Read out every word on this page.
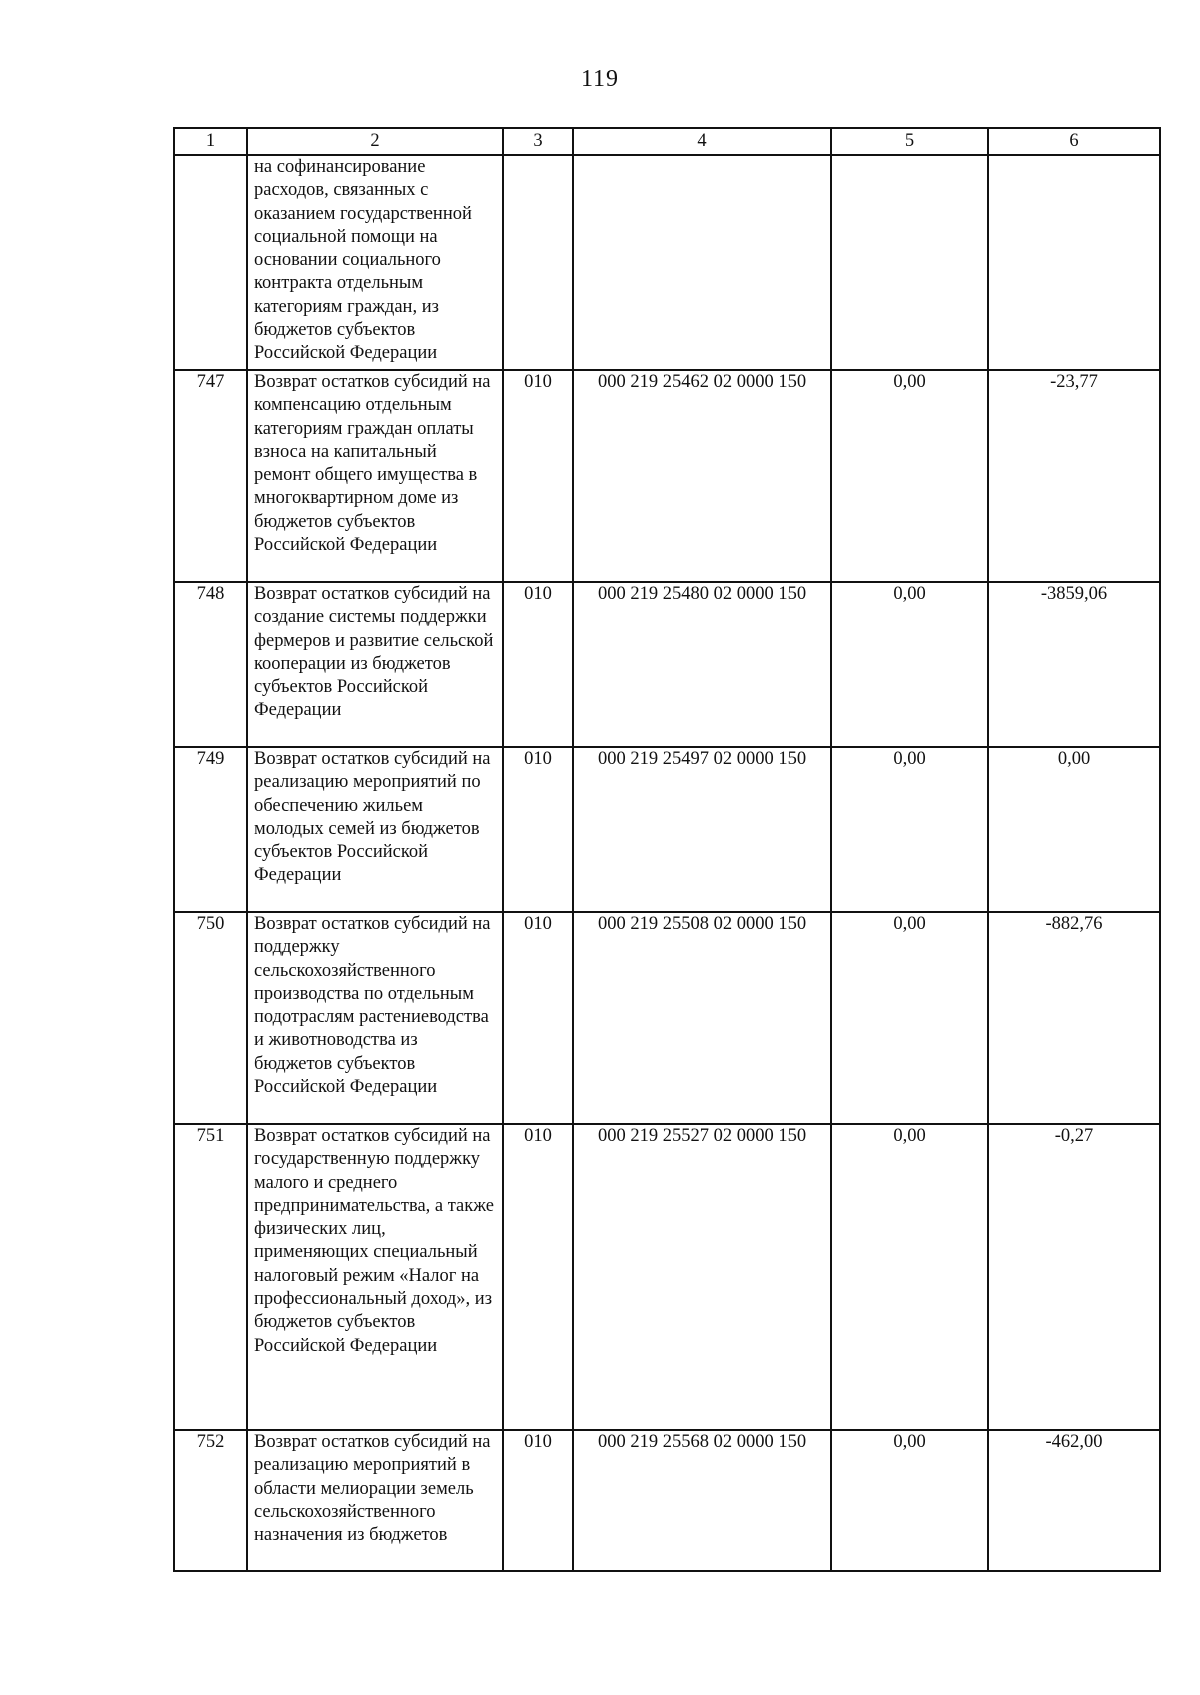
119
1	2	3	4	5	6
	на софинансирование расходов, связанных с оказанием государственной социальной помощи на основании социального контракта отдельным категориям граждан, из бюджетов субъектов Российской Федерации				
747	Возврат остатков субсидий на компенсацию отдельным категориям граждан оплаты взноса на капитальный ремонт общего имущества в многоквартирном доме из бюджетов субъектов Российской Федерации	010	000 219 25462 02 0000 150	0,00	-23,77
748	Возврат остатков субсидий на создание системы поддержки фермеров и развитие сельской кооперации из бюджетов субъектов Российской Федерации	010	000 219 25480 02 0000 150	0,00	-3859,06
749	Возврат остатков субсидий на реализацию мероприятий по обеспечению жильем молодых семей из бюджетов субъектов Российской Федерации	010	000 219 25497 02 0000 150	0,00	0,00
750	Возврат остатков субсидий на поддержку сельскохозяйственного производства по отдельным подотраслям растениеводства и животноводства из бюджетов субъектов Российской Федерации	010	000 219 25508 02 0000 150	0,00	-882,76
751	Возврат остатков субсидий на государственную поддержку малого и среднего предпринимательства, а также физических лиц, применяющих специальный налоговый режим «Налог на профессиональный доход», из бюджетов субъектов Российской Федерации	010	000 219 25527 02 0000 150	0,00	-0,27
752	Возврат остатков субсидий на реализацию мероприятий в области мелиорации земель сельскохозяйственного назначения из бюджетов	010	000 219 25568 02 0000 150	0,00	-462,00
